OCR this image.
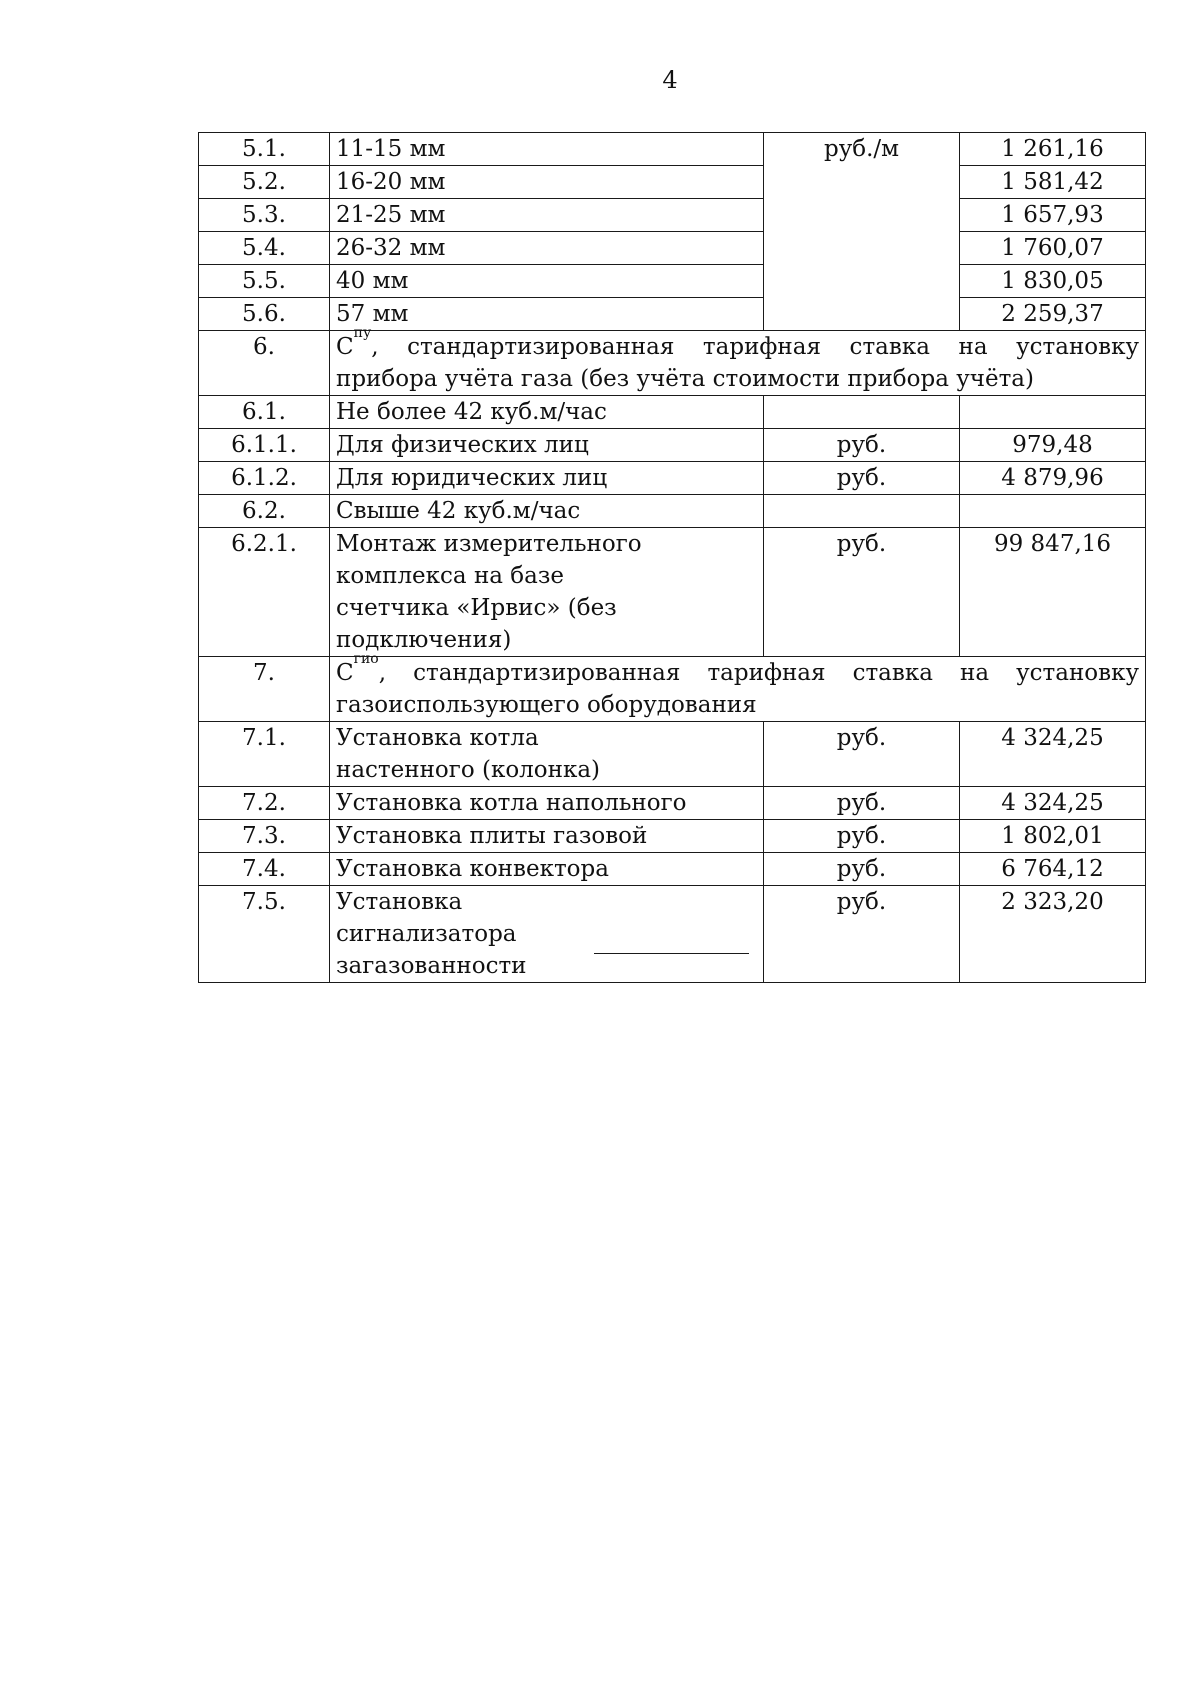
4
5.1.	11-15 мм	руб./м	1 261,16
5.2.	16-20 мм		1 581,42
5.3.	21-25 мм		1 657,93
5.4.	26-32 мм		1 760,07
5.5.	40 мм		1 830,05
5.6.	57 мм		2 259,37
6.	$С^{пу}$, стандартизированная тарифная ставка на установку прибора учёта газа (без учёта стоимости прибора учёта)		
6.1.	Не более 42 куб.м/час		
6.1.1.	Для физических лиц	руб.	979,48
6.1.2.	Для юридических лиц	руб.	4 879,96
6.2.	Свыше 42 куб.м/час		
6.2.1.	Монтаж измерительного комплекса на базе счетчика «Ирвис» (без подключения)	руб.	99 847,16
7.	$С^{гио}$, стандартизированная тарифная ставка на установку газоиспользующего оборудования		
7.1.	Установка котла настенного (колонка)	руб.	4 324,25
7.2.	Установка котла напольного	руб.	4 324,25
7.3.	Установка плиты газовой	руб.	1 802,01
7.4.	Установка конвектора	руб.	6 764,12
7.5.	Установка сигнализатора загазованности	руб.	2 323,20
